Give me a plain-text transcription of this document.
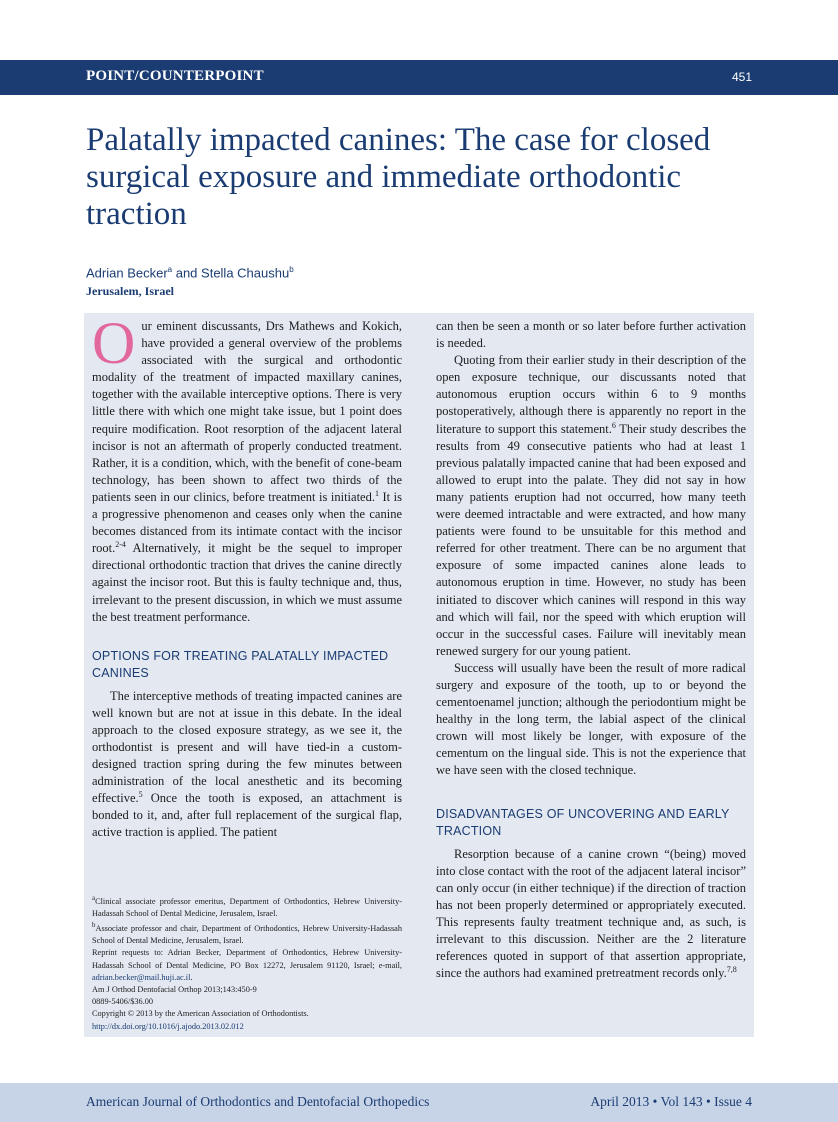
POINT/COUNTERPOINT	451
Palatally impacted canines: The case for closed surgical exposure and immediate orthodontic traction
Adrian Becker$^a$ and Stella Chaushu$^b$
Jerusalem, Israel

Our eminent discussants, Drs Mathews and Kokich, have provided a general overview of the problems associated with the surgical and orthodontic modality of the treatment of impacted maxillary canines, together with the available interceptive options. There is very little there with which one might take issue, but 1 point does require modification. Root resorption of the adjacent lateral incisor is not an aftermath of properly conducted treatment. Rather, it is a condition, which, with the benefit of cone-beam technology, has been shown to affect two thirds of the patients seen in our clinics, before treatment is initiated.$^1$ It is a progressive phenomenon and ceases only when the canine becomes distanced from its intimate contact with the incisor root.$^{2-4}$ Alternatively, it might be the sequel to improper directional orthodontic traction that drives the canine directly against the incisor root. But this is faulty technique and, thus, irrelevant to the present discussion, in which we must assume the best treatment performance.

OPTIONS FOR TREATING PALATALLY IMPACTED CANINES

The interceptive methods of treating impacted canines are well known but are not at issue in this debate. In the ideal approach to the closed exposure strategy, as we see it, the orthodontist is present and will have tied-in a custom-designed traction spring during the few minutes between administration of the local anesthetic and its becoming effective.$^5$ Once the tooth is exposed, an attachment is bonded to it, and, after full replacement of the surgical flap, active traction is applied. The patient

can then be seen a month or so later before further activation is needed.

Quoting from their earlier study in their description of the open exposure technique, our discussants noted that autonomous eruption occurs within 6 to 9 months postoperatively, although there is apparently no report in the literature to support this statement.$^6$ Their study describes the results from 49 consecutive patients who had at least 1 previous palatally impacted canine that had been exposed and allowed to erupt into the palate. They did not say in how many patients eruption had not occurred, how many teeth were deemed intractable and were extracted, and how many patients were found to be unsuitable for this method and referred for other treatment. There can be no argument that exposure of some impacted canines alone leads to autonomous eruption in time. However, no study has been initiated to discover which canines will respond in this way and which will fail, nor the speed with which eruption will occur in the successful cases. Failure will inevitably mean renewed surgery for our young patient.

Success will usually have been the result of more radical surgery and exposure of the tooth, up to or beyond the cementoenamel junction; although the periodontium might be healthy in the long term, the labial aspect of the clinical crown will most likely be longer, with exposure of the cementum on the lingual side. This is not the experience that we have seen with the closed technique.

DISADVANTAGES OF UNCOVERING AND EARLY TRACTION

Resorption because of a canine crown “(being) moved into close contact with the root of the adjacent lateral incisor” can only occur (in either technique) if the direction of traction has not been properly determined or appropriately executed. This represents faulty treatment technique and, as such, is irrelevant to this discussion. Neither are the 2 literature references quoted in support of that assertion appropriate, since the authors had examined pretreatment records only.$^{7,8}$

$^a$Clinical associate professor emeritus, Department of Orthodontics, Hebrew University-Hadassah School of Dental Medicine, Jerusalem, Israel.
$^b$Associate professor and chair, Department of Orthodontics, Hebrew University-Hadassah School of Dental Medicine, Jerusalem, Israel.
Reprint requests to: Adrian Becker, Department of Orthodontics, Hebrew University-Hadassah School of Dental Medicine, PO Box 12272, Jerusalem 91120, Israel; e-mail, adrian.becker@mail.huji.ac.il.
Am J Orthod Dentofacial Orthop 2013;143:450-9
0889-5406/$36.00
Copyright © 2013 by the American Association of Orthodontists.
http://dx.doi.org/10.1016/j.ajodo.2013.02.012
American Journal of Orthodontics and Dentofacial Orthopedics	April 2013 • Vol 143 • Issue 4
